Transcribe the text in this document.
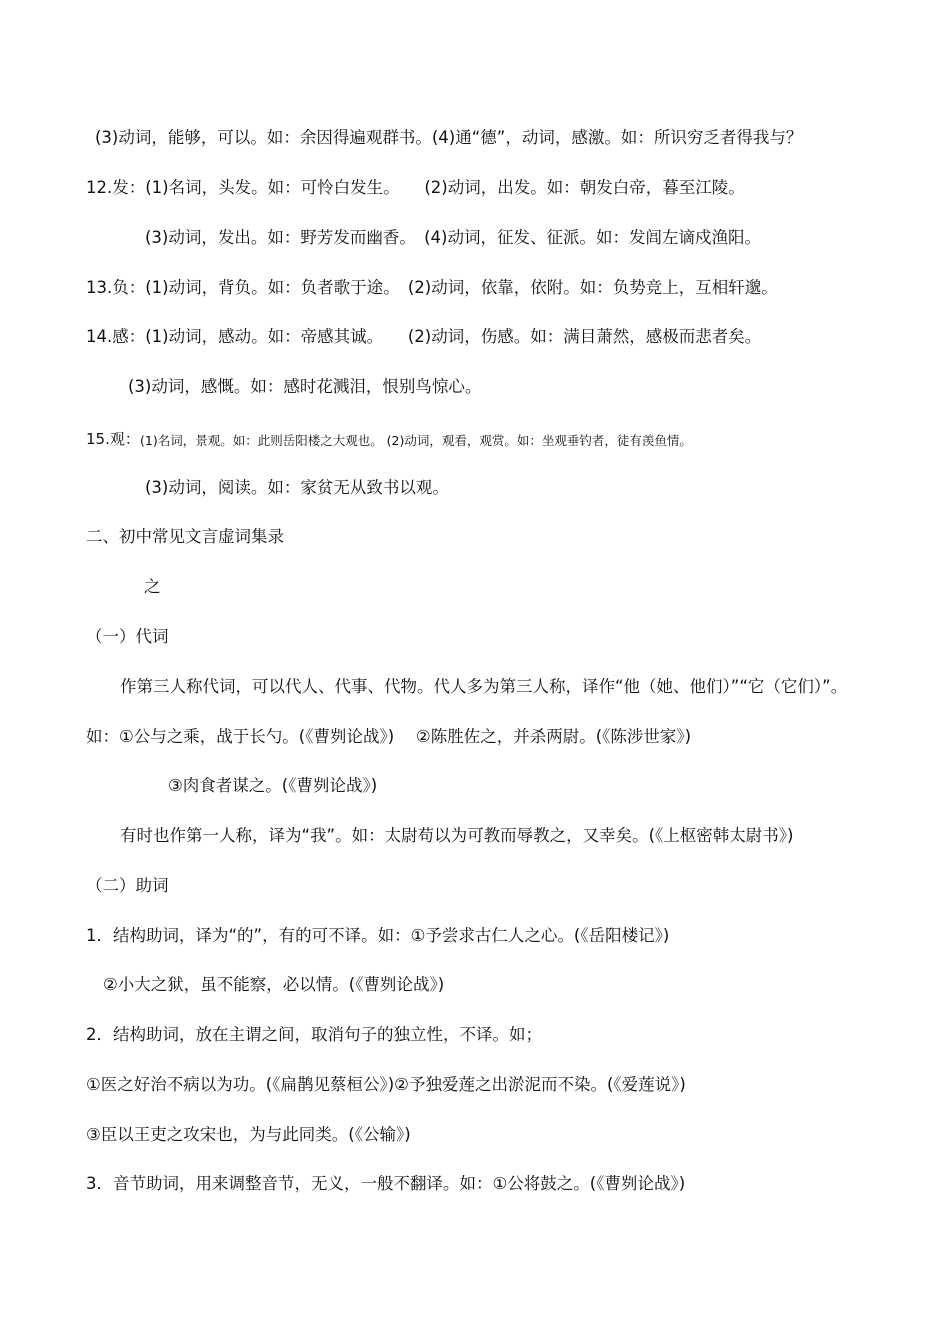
(3)动词，能够，可以。如：余因得遍观群书。(4)通“德”，动词，感激。如：所识穷乏者得我与？
12.发：(1)名词，头发。如：可怜白发生。　　(2)动词，出发。如：朝发白帝，暮至江陵。
(3)动词，发出。如：野芳发而幽香。　(4)动词，征发、征派。如：发闾左谪戍渔阳。
13.负：(1)动词，背负。如：负者歌于途。　(2)动词，依靠，依附。如：负势竞上，互相轩邈。
14.感：(1)动词，感动。如：帝感其诚。　　(2)动词，伤感。如：满目萧然，感极而悲者矣。
(3)动词，感慨。如：感时花溅泪，恨别鸟惊心。
15.观： (1)名词，景观。如：此则岳阳楼之大观也。 (2)动词，观看，观赏。如：坐观垂钓者，徒有羡鱼情。
(3)动词，阅读。如：家贫无从致书以观。
二、初中常见文言虚词集录
之
（一）代词
作第三人称代词，可以代人、代事、代物。代人多为第三人称，译作“他（她、他们）”“它（它们）”。
如：①公与之乘，战于长勺。(《曹刿论战》)　 ②陈胜佐之，并杀两尉。(《陈涉世家》)
③肉食者谋之。(《曹刿论战》)
有时也作第一人称，译为“我”。如：太尉苟以为可教而辱教之，又幸矣。(《上枢密韩太尉书》)
（二）助词
1．结构助词，译为“的”，有的可不译。如：①予尝求古仁人之心。(《岳阳楼记》)
②小大之狱，虽不能察，必以情。(《曹刿论战》)
2．结构助词，放在主谓之间，取消句子的独立性，不译。如；
①医之好治不病以为功。(《扁鹊见蔡桓公》)②予独爱莲之出淤泥而不染。(《爱莲说》)
③臣以王吏之攻宋也，为与此同类。(《公输》)
3．音节助词，用来调整音节，无义，一般不翻译。如：①公将鼓之。(《曹刿论战》)
